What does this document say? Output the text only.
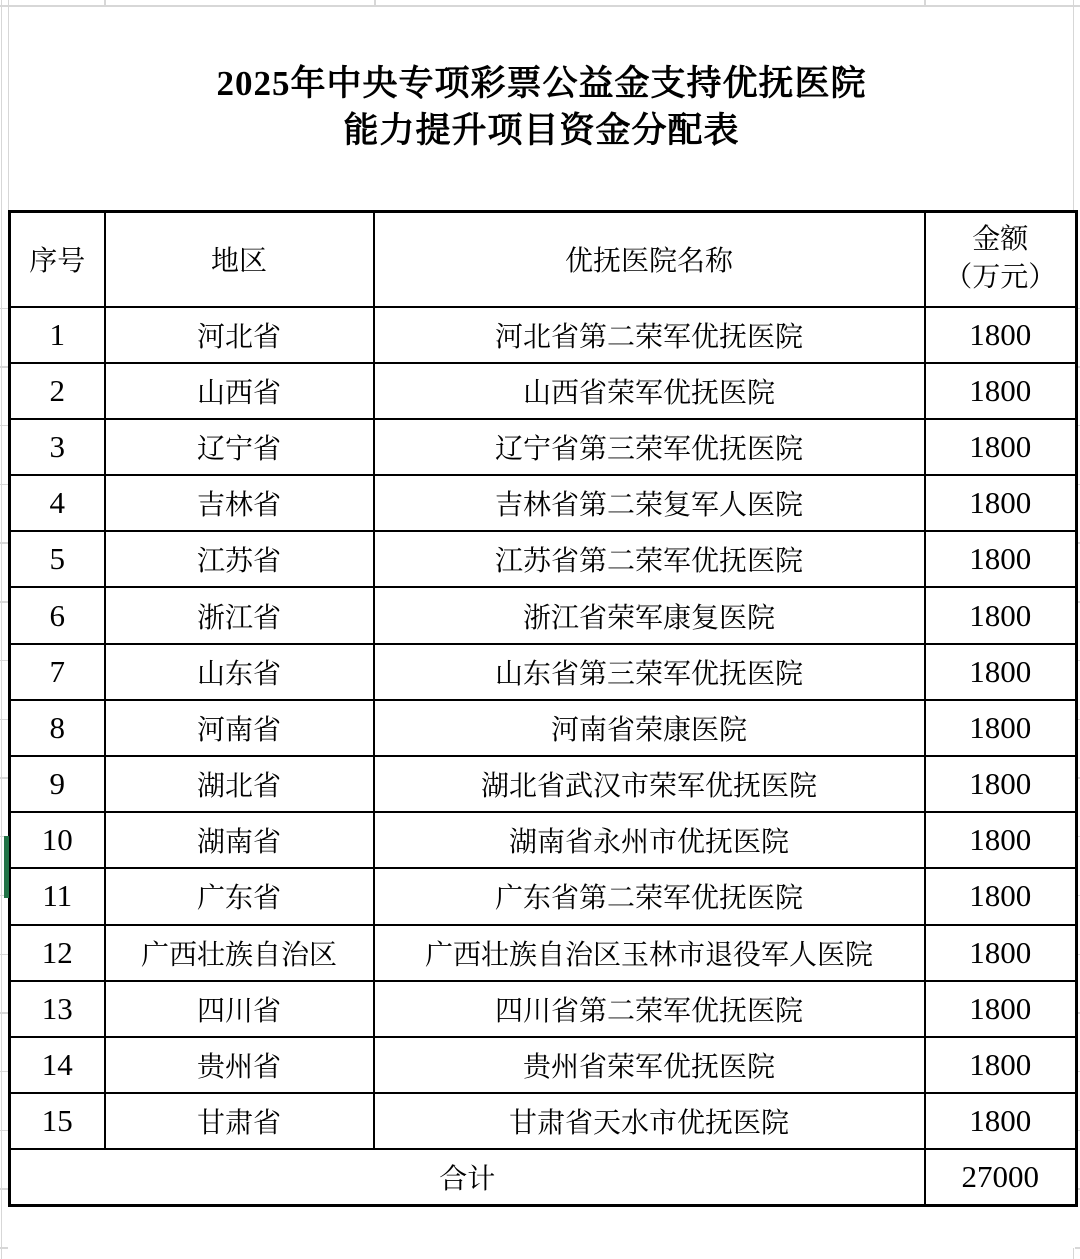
2025年中央专项彩票公益金支持优抚医院
能力提升项目资金分配表
序号	地区	优抚医院名称	金额
（万元）

1	河北省	河北省第二荣军优抚医院	1800
2	山西省	山西省荣军优抚医院	1800
3	辽宁省	辽宁省第三荣军优抚医院	1800
4	吉林省	吉林省第二荣复军人医院	1800
5	江苏省	江苏省第二荣军优抚医院	1800
6	浙江省	浙江省荣军康复医院	1800
7	山东省	山东省第三荣军优抚医院	1800
8	河南省	河南省荣康医院	1800
9	湖北省	湖北省武汉市荣军优抚医院	1800
10	湖南省	湖南省永州市优抚医院	1800
11	广东省	广东省第二荣军优抚医院	1800
12	广西壮族自治区	广西壮族自治区玉林市退役军人医院	1800
13	四川省	四川省第二荣军优抚医院	1800
14	贵州省	贵州省荣军优抚医院	1800
15	甘肃省	甘肃省天水市优抚医院	1800
合计			27000
